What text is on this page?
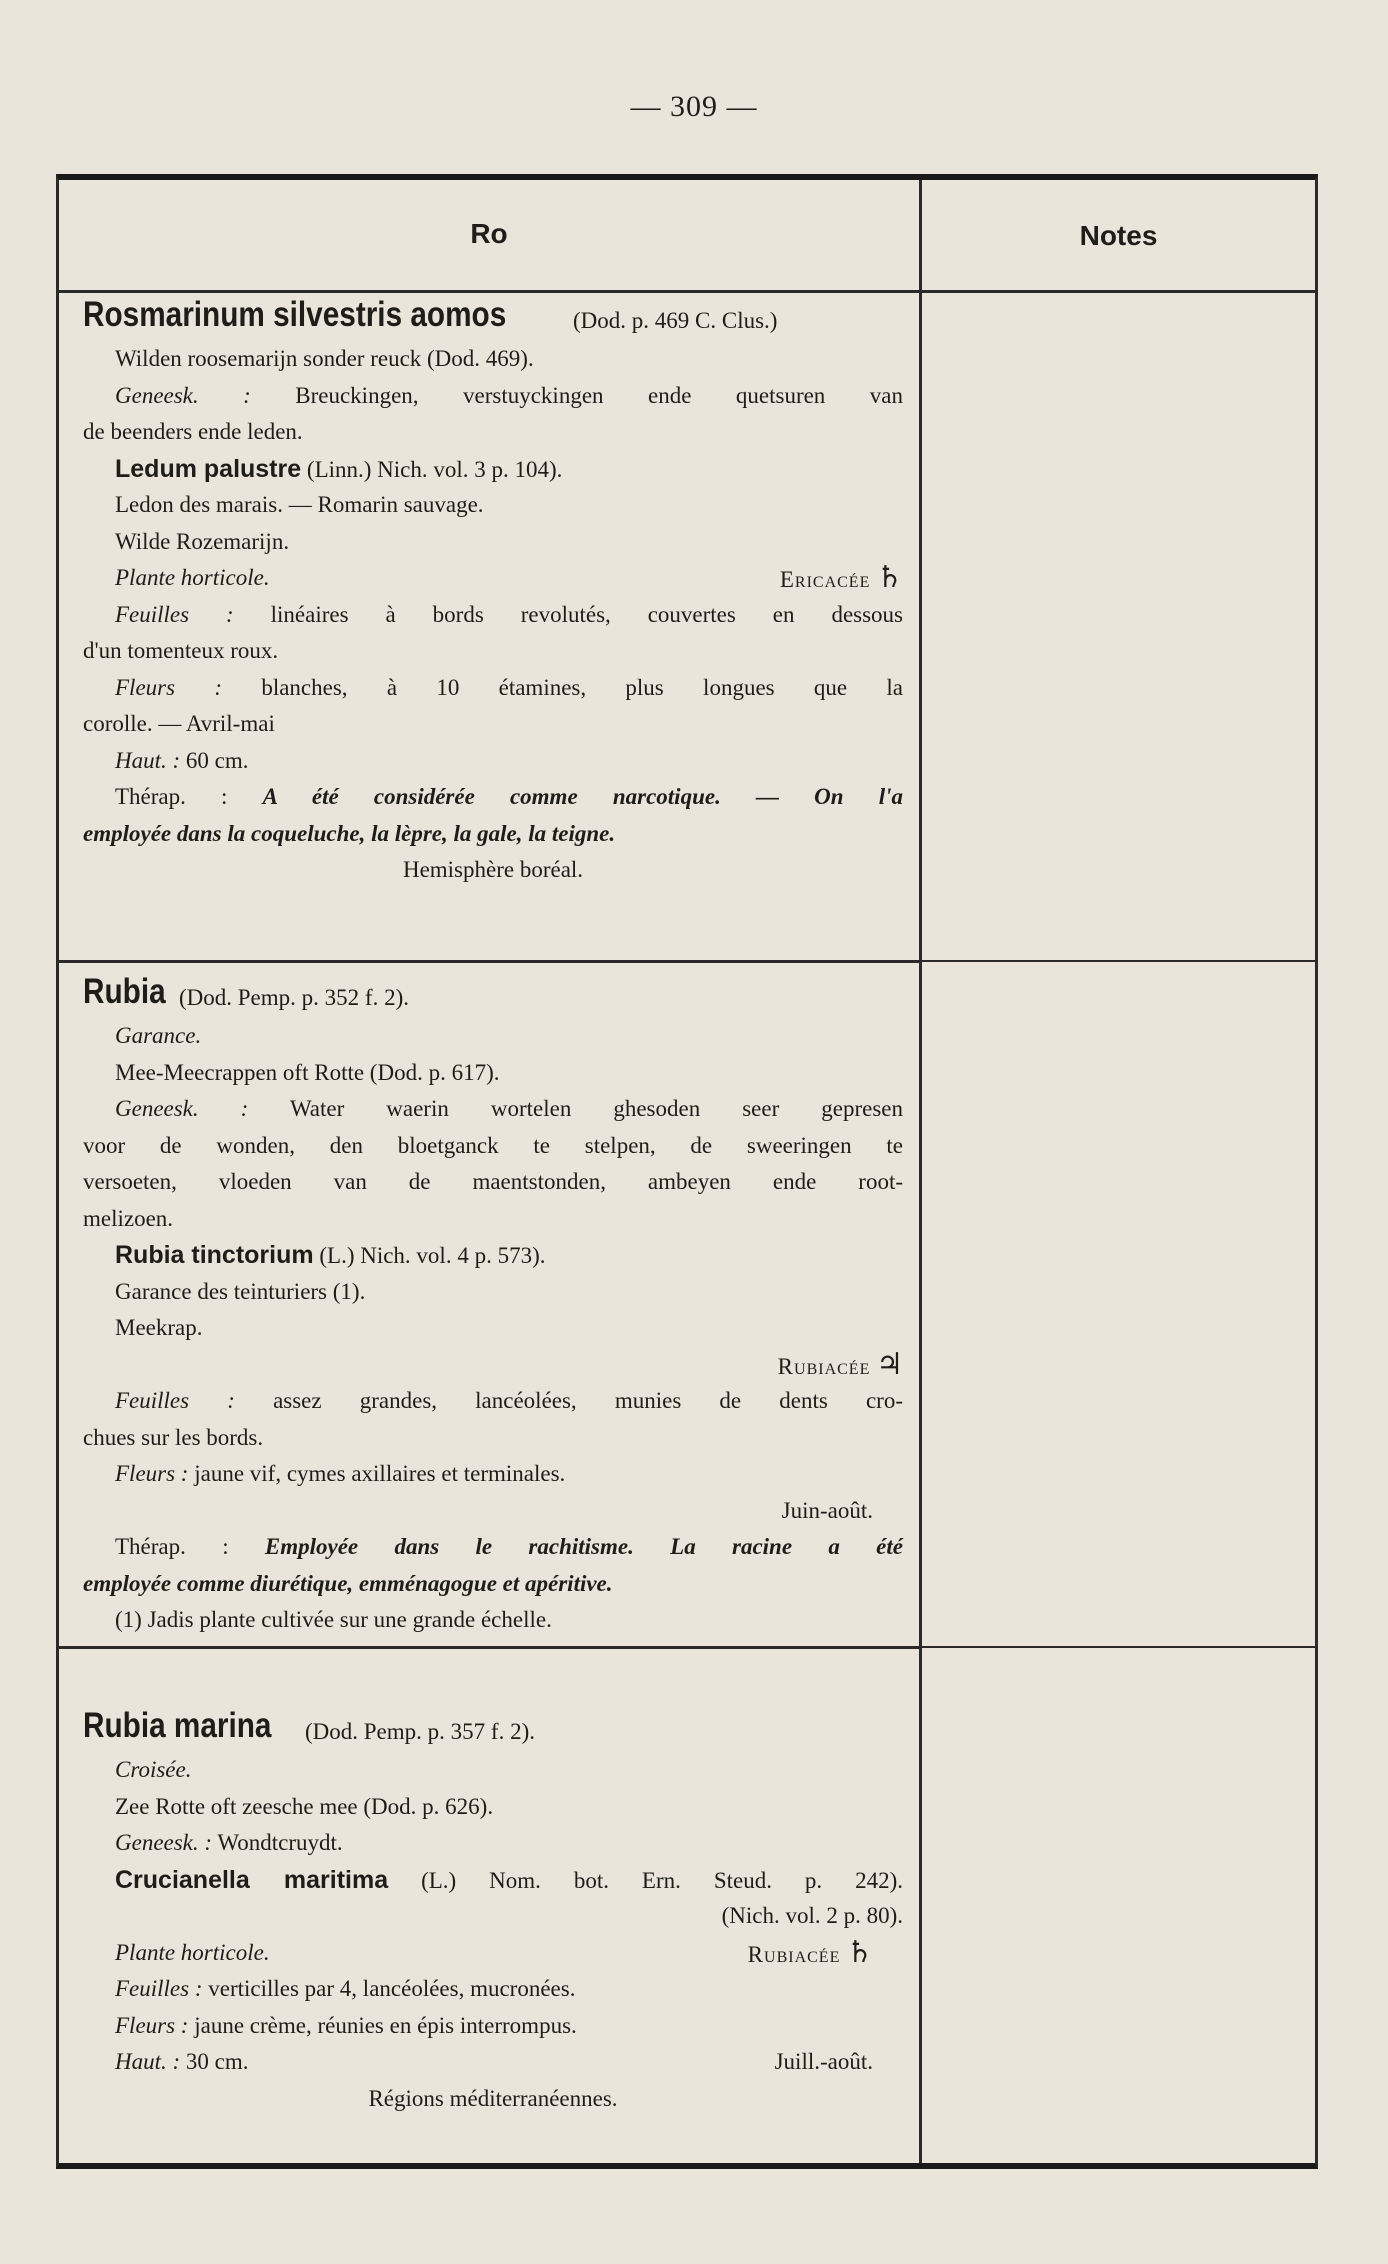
— 309 —
Ro	Notes
Rosmarinum silvestris aomos	(Dod. p. 469 C. Clus.)
Wilden roosemarijn sonder reuck (Dod. 469).
Geneesk. : Breuckingen, verstuyckingen ende quetsuren van
de beenders ende leden.
Ledum palustre (Linn.) Nich. vol. 3 p. 104).
Ledon des marais. — Romarin sauvage.
Wilde Rozemarijn.
Plante horticole.	Ericacée ♄
Feuilles : linéaires à bords revolutés, couvertes en dessous
d'un tomenteux roux.
Fleurs : blanches, à 10 étamines, plus longues que la
corolle. — Avril-mai
Haut. : 60 cm.
Thérap. : A été considérée comme narcotique. — On l'a
employée dans la coqueluche, la lèpre, la gale, la teigne.
Hemisphère boréal.
Rubia (Dod. Pemp. p. 352 f. 2).
Garance.
Mee-Meecrappen oft Rotte (Dod. p. 617).
Geneesk. : Water waerin wortelen ghesoden seer gepresen
voor de wonden, den bloetganck te stelpen, de sweeringen te
versoeten, vloeden van de maentstonden, ambeyen ende root-
melizoen.
Rubia tinctorium (L.) Nich. vol. 4 p. 573).
Garance des teinturiers (1).
Meekrap.
Rubiacée ♃
Feuilles : assez grandes, lancéolées, munies de dents cro-
chues sur les bords.
Fleurs : jaune vif, cymes axillaires et terminales.
Juin-août.
Thérap. : Employée dans le rachitisme. La racine a été
employée comme diurétique, emménagogue et apéritive.
(1) Jadis plante cultivée sur une grande échelle.
Rubia marina (Dod. Pemp. p. 357 f. 2).
Croisée.
Zee Rotte oft zeesche mee (Dod. p. 626).
Geneesk. : Wondtcruydt.
Crucianella maritima (L.) Nom. bot. Ern. Steud. p. 242).
(Nich. vol. 2 p. 80).
Plante horticole.	Rubiacée ♄
Feuilles : verticilles par 4, lancéolées, mucronées.
Fleurs : jaune crème, réunies en épis interrompus.
Haut. : 30 cm.	Juill.-août.
Régions méditerranéennes.
